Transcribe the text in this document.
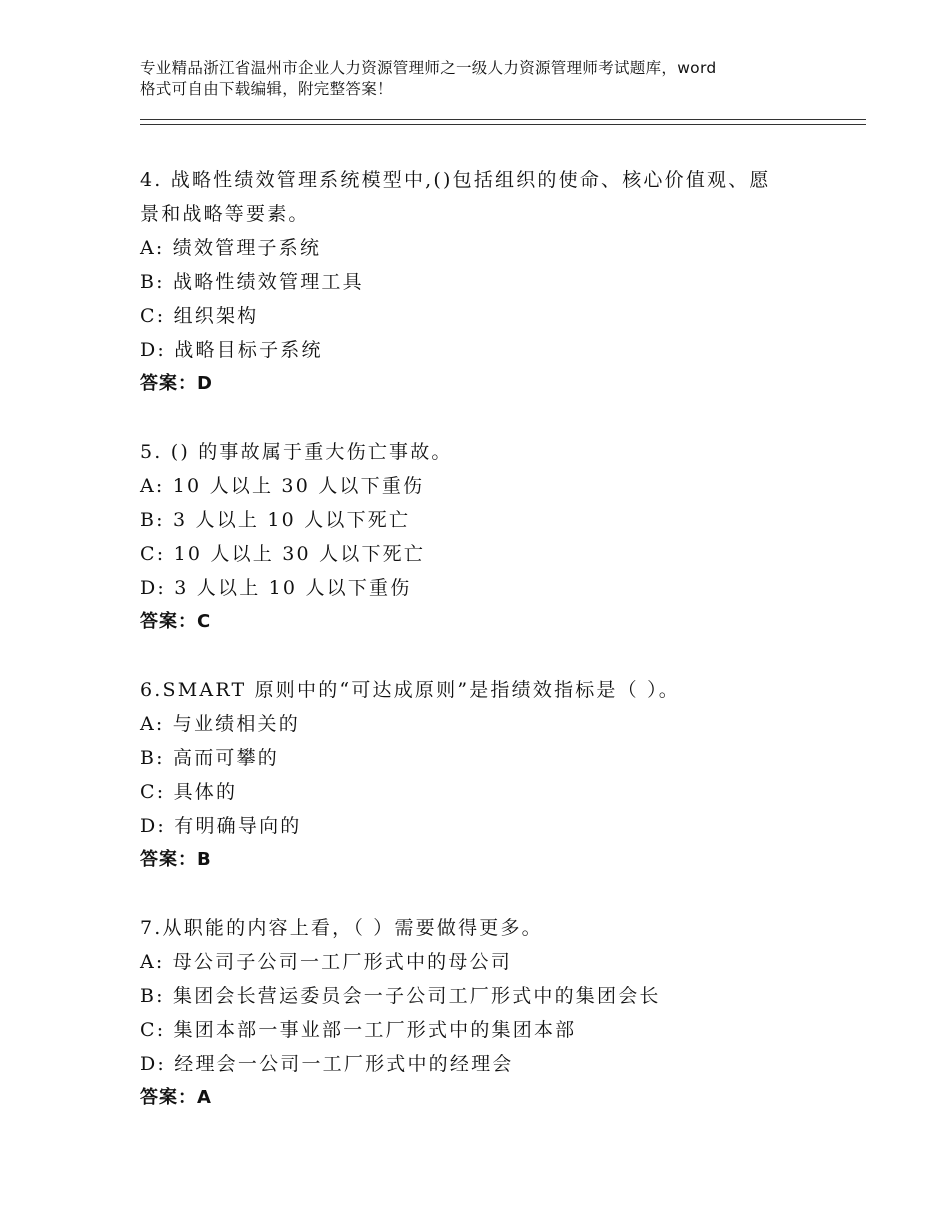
专业精品浙江省温州市企业人力资源管理师之一级人力资源管理师考试题库，word
格式可自由下载编辑，附完整答案！
4. 战略性绩效管理系统模型中,()包括组织的使命、核心价值观、愿
景和战略等要素。
A: 绩效管理子系统
B: 战略性绩效管理工具
C: 组织架构
D: 战略目标子系统
答案：D
5. () 的事故属于重大伤亡事故。
A: 10 人以上 30 人以下重伤
B: 3 人以上 10 人以下死亡
C: 10 人以上 30 人以下死亡
D: 3 人以上 10 人以下重伤
答案：C
6.SMART 原则中的“可达成原则”是指绩效指标是（ ）。
A: 与业绩相关的
B: 高而可攀的
C: 具体的
D: 有明确导向的
答案：B
7.从职能的内容上看，（ ）需要做得更多。
A: 母公司子公司一工厂形式中的母公司
B: 集团会长营运委员会一子公司工厂形式中的集团会长
C: 集团本部一事业部一工厂形式中的集团本部
D: 经理会一公司一工厂形式中的经理会
答案：A
